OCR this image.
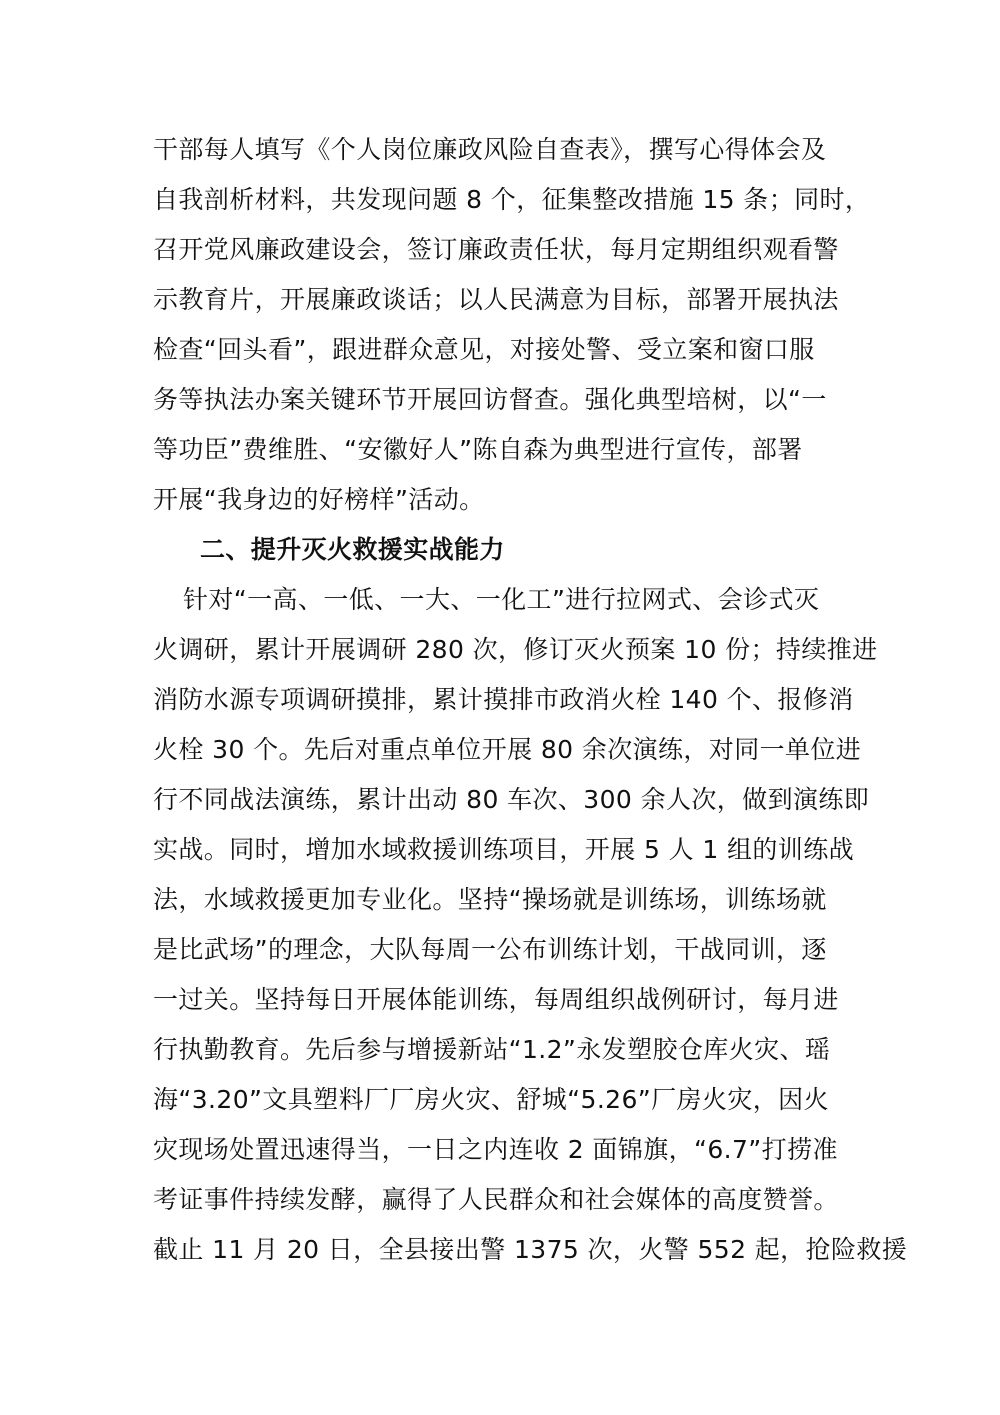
干部每人填写《个人岗位廉政风险自查表》，撰写心得体会及
自我剖析材料，共发现问题 8 个，征集整改措施 15 条；同时，
召开党风廉政建设会，签订廉政责任状，每月定期组织观看警
示教育片，开展廉政谈话；以人民满意为目标，部署开展执法
检查“回头看”，跟进群众意见，对接处警、受立案和窗口服
务等执法办案关键环节开展回访督查。强化典型培树，以“一
等功臣”费维胜、“安徽好人”陈自森为典型进行宣传，部署
开展“我身边的好榜样”活动。
二、提升灭火救援实战能力
针对“一高、一低、一大、一化工”进行拉网式、会诊式灭
火调研，累计开展调研 280 次，修订灭火预案 10 份；持续推进
消防水源专项调研摸排，累计摸排市政消火栓 140 个、报修消
火栓 30 个。先后对重点单位开展 80 余次演练，对同一单位进
行不同战法演练，累计出动 80 车次、300 余人次，做到演练即
实战。同时，增加水域救援训练项目，开展 5 人 1 组的训练战
法，水域救援更加专业化。坚持“操场就是训练场，训练场就
是比武场”的理念，大队每周一公布训练计划，干战同训，逐
一过关。坚持每日开展体能训练，每周组织战例研讨，每月进
行执勤教育。先后参与增援新站“1.2”永发塑胶仓库火灾、瑶
海“3.20”文具塑料厂厂房火灾、舒城“5.26”厂房火灾，因火
灾现场处置迅速得当，一日之内连收 2 面锦旗，“6.7”打捞准
考证事件持续发酵，赢得了人民群众和社会媒体的高度赞誉。
截止 11 月 20 日，全县接出警 1375 次，火警 552 起，抢险救援
